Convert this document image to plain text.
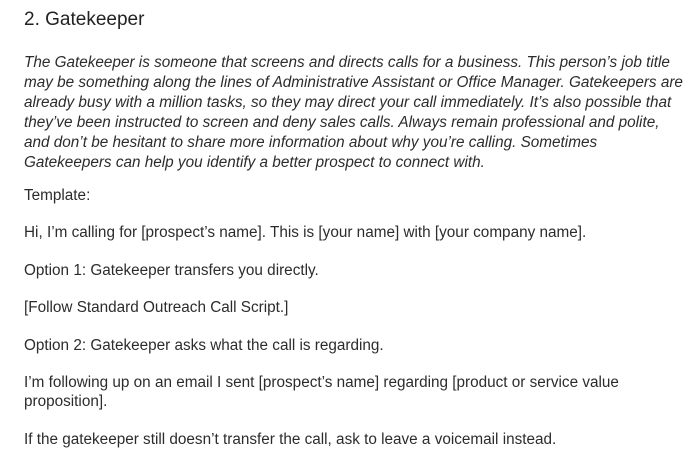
2. Gatekeeper

The Gatekeeper is someone that screens and directs calls for a business. This person’s job title may be something along the lines of Administrative Assistant or Office Manager. Gatekeepers are already busy with a million tasks, so they may direct your call immediately. It’s also possible that they’ve been instructed to screen and deny sales calls. Always remain professional and polite, and don’t be hesitant to share more information about why you’re calling. Sometimes Gatekeepers can help you identify a better prospect to connect with.

Template:

Hi, I’m calling for [prospect’s name]. This is [your name] with [your company name].

Option 1: Gatekeeper transfers you directly.

[Follow Standard Outreach Call Script.]

Option 2: Gatekeeper asks what the call is regarding.

I’m following up on an email I sent [prospect’s name] regarding [product or service value proposition].

If the gatekeeper still doesn’t transfer the call, ask to leave a voicemail instead.
